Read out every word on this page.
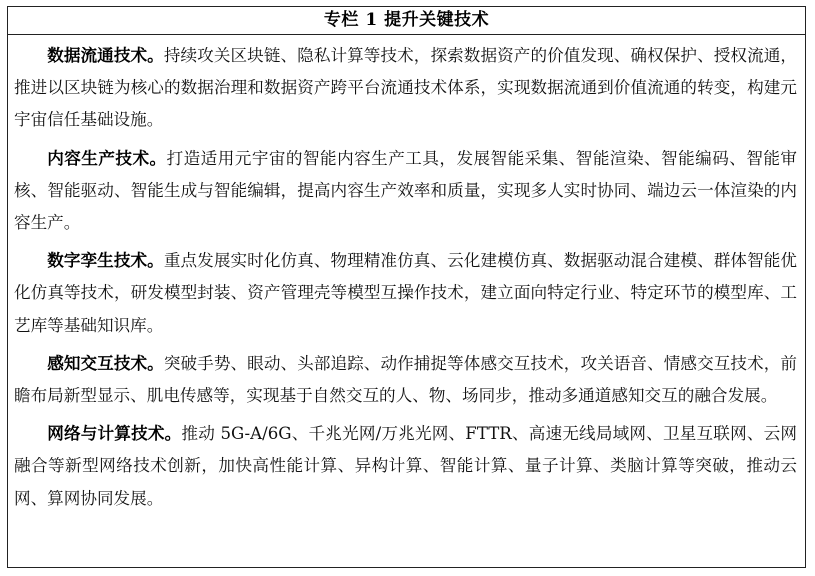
专栏 1 提升关键技术

数据流通技术。持续攻关区块链、隐私计算等技术，探索数据资产的价值发现、确权保护、授权流通，推进以区块链为核心的数据治理和数据资产跨平台流通技术体系，实现数据流通到价值流通的转变，构建元宇宙信任基础设施。

内容生产技术。打造适用元宇宙的智能内容生产工具，发展智能采集、智能渲染、智能编码、智能审核、智能驱动、智能生成与智能编辑，提高内容生产效率和质量，实现多人实时协同、端边云一体渲染的内容生产。

数字孪生技术。重点发展实时化仿真、物理精准仿真、云化建模仿真、数据驱动混合建模、群体智能优化仿真等技术，研发模型封装、资产管理壳等模型互操作技术，建立面向特定行业、特定环节的模型库、工艺库等基础知识库。

感知交互技术。突破手势、眼动、头部追踪、动作捕捉等体感交互技术，攻关语音、情感交互技术，前瞻布局新型显示、肌电传感等，实现基于自然交互的人、物、场同步，推动多通道感知交互的融合发展。

网络与计算技术。推动 5G-A/6G、千兆光网/万兆光网、FTTR、高速无线局域网、卫星互联网、云网融合等新型网络技术创新，加快高性能计算、异构计算、智能计算、量子计算、类脑计算等突破，推动云网、算网协同发展。
